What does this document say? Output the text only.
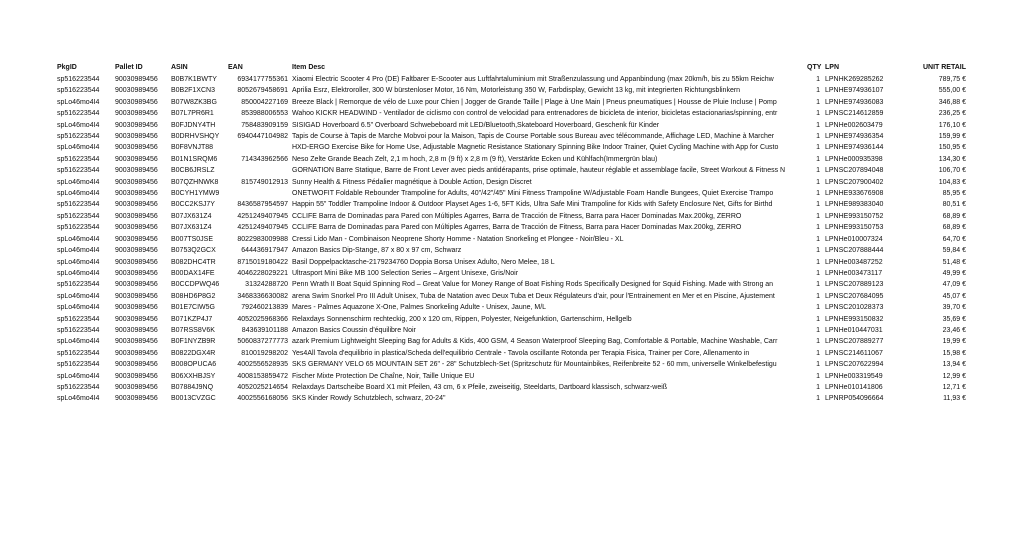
PkgID	Pallet ID	ASIN	EAN	Item Desc	QTY	LPN	UNIT RETAIL
sp516223544	90030989456	B0B7K1BWTY	6934177755361	Xiaomi Electric Scooter 4 Pro (DE) Faltbarer E-Scooter aus Luftfahrtaluminium mit Straßenzulassung und Appanbindung (max 20km/h, bis zu 55km Reichw	1	LPNHK269285262	789,75 €
sp516223544	90030989456	B0B2F1XCN3	8052679458691	Aprilia Esrz, Elektroroller, 300 W bürstenloser Motor, 16 Nm, Motorleistung 350 W, Farbdisplay, Gewicht 13 kg, mit integrierten Richtungsblinkern	1	LPNHE974936107	555,00 €
spLo46mo4I4	90030989456	B07W8ZK3BG	850004227169	Breeze Black | Remorque de vélo de Luxe pour Chien | Jogger de Grande Taille | Plage à Une Main | Pneus pneumatiques | Housse de Pluie Incluse | Pomp	1	LPNHE974936083	346,88 €
sp516223544	90030989456	B07L7PR6R1	853988006553	Wahoo KICKR HEADWIND - Ventilador de ciclismo con control de velocidad para entrenadores de bicicleta de interior, bicicletas estacionarias/spinning, entr	1	LPNSC214612859	236,25 €
spLo46mo4I4	90030989456	B0FJDNY4TH	758483909159	SISIGAD Hoverboard 6.5" Overboard Schwebeboard mit LED/Bluetooth,Skateboard Hoverboard, Geschenk für Kinder	1	LPNHe002603479	176,10 €
sp516223544	90030989456	B0DRHVSHQY	6940447104982	Tapis de Course à Tapis de Marche Mobvoi pour la Maison, Tapis de Course Portable sous Bureau avec télécommande, Affichage LED, Machine à Marcher	1	LPNHE974936354	159,99 €
spLo46mo4I4	90030989456	B0F8VNJT88		HXD-ERGO Exercise Bike for Home Use, Adjustable Magnetic Resistance Stationary Spinning Bike Indoor Trainer, Quiet Cycling Machine with App for Custo	1	LPNHE974936144	150,95 €
sp516223544	90030989456	B01N1SRQM6	714343962566	Neso Zelte Grande Beach Zelt, 2,1 m hoch, 2,8 m (9 ft) x 2,8 m (9 ft), Verstärkte Ecken und Kühlfach(Immergrün blau)	1	LPNHe000935398	134,30 €
sp516223544	90030989456	B0CB6JRSLZ		GORNATION Barre Statique, Barre de Front Lever avec pieds antidérapants, prise optimale, hauteur réglable et assemblage facile, Street Workout & Fitness N	1	LPNSC207894048	106,70 €
spLo46mo4I4	90030989456	B07QZHNWK8	815749012913	Sunny Health & Fitness Pédalier magnétique à Double Action, Design Discret	1	LPNSC207900402	104,83 €
spLo46mo4I4	90030989456	B0CYH1YMW9		ONETWOFIT Foldable Rebounder Trampoline for Adults, 40"/42"/45" Mini Fitness Trampoline W/Adjustable Foam Handle Bungees, Quiet Exercise Trampo	1	LPNHE933676908	85,95 €
sp516223544	90030989456	B0CC2KSJ7Y	8436587954597	Happin 55" Toddler Trampoline Indoor & Outdoor Playset Ages 1-6, 5FT Kids, Ultra Safe Mini Trampoline for Kids with Safety Enclosure Net, Gifts for Birthd	1	LPNHE989383040	80,51 €
sp516223544	90030989456	B07JX631Z4	4251249407945	CCLIFE Barra de Dominadas para Pared con Múltiples Agarres, Barra de Tracción de Fitness, Barra para Hacer Dominadas Max.200kg, ZERRO	1	LPNHE993150752	68,89 €
sp516223544	90030989456	B07JX631Z4	4251249407945	CCLIFE Barra de Dominadas para Pared con Múltiples Agarres, Barra de Tracción de Fitness, Barra para Hacer Dominadas Max.200kg, ZERRO	1	LPNHE993150753	68,89 €
spLo46mo4I4	90030989456	B007TS0JSE	8022983009988	Cressi Lido Man - Combinaison Neoprene Shorty Homme - Natation Snorkeling et Plongee - Noir/Bleu - XL	1	LPNHe010007324	64,70 €
spLo46mo4I4	90030989456	B0753Q2GCX	644436917947	Amazon Basics Dip-Stange, 87 x 80 x 97 cm, Schwarz	1	LPNSC207888444	59,84 €
spLo46mo4I4	90030989456	B082DHC4TR	8715019180422	Basil Doppelpacktasche-2179234760 Doppia Borsa Unisex Adulto, Nero Melee, 18 L	1	LPNHe003487252	51,48 €
spLo46mo4I4	90030989456	B00DAX14FE	4046228029221	Ultrasport Mini Bike MB 100 Selection Series – Argent Unisexe, Gris/Noir	1	LPNHe003473117	49,99 €
sp516223544	90030989456	B0CCDPWQ46	31324288720	Penn Wrath II Boat Squid Spinning Rod – Great Value for Money Range of Boat Fishing Rods Specifically Designed for Squid Fishing. Made with Strong an	1	LPNSC207889123	47,09 €
spLo46mo4I4	90030989456	B08HD6P8G2	3468336630082	arena Swim Snorkel Pro III Adult Unisex, Tuba de Natation avec Deux Tuba et Deux Régulateurs d'air, pour l'Entrainement en Mer et en Piscine, Ajustement	1	LPNSC207684095	45,07 €
spLo46mo4I4	90030989456	B01E7CIW5G	792460213839	Mares - Palmes Aquazone X-One, Palmes Snorkeling Adulte - Unisex, Jaune, M/L	1	LPNSC201028373	39,70 €
sp516223544	90030989456	B071KZP4J7	4052025968366	Relaxdays Sonnenschirm rechteckig, 200 x 120 cm, Rippen, Polyester, Neigefunktion, Gartenschirm, Hellgelb	1	LPNHE993150832	35,69 €
sp516223544	90030989456	B07RSS8V6K	843639101188	Amazon Basics Coussin d'équilibre Noir	1	LPNHe010447031	23,46 €
spLo46mo4I4	90030989456	B0F1NYZB9R	5060837277773	azark Premium Lightweight Sleeping Bag for Adults & Kids, 400 GSM, 4 Season Waterproof Sleeping Bag, Comfortable & Portable, Machine Washable, Carr	1	LPNSC207889277	19,99 €
sp516223544	90030989456	B0822DGX4R	810019298202	Yes4All Tavola d'equilibrio in plastica/Scheda dell'equilibrio Centrale - Tavola oscillante Rotonda per Terapia Fisica, Trainer per Core, Allenamento in	1	LPNSC214611067	15,98 €
sp516223544	90030989456	B008OPUCA6	4002556528935	SKS GERMANY VELO 65 MOUNTAIN SET 26" - 28" Schutzblech-Set (Spritzschutz für Mountainbikes, Reifenbreite 52 - 60 mm, universelle Winkelbefestigu	1	LPNSC207622994	13,94 €
spLo46mo4I4	90030989456	B06XXHBJSY	4008153859472	Fischer Mixte Protection De Chaîne, Noir, Taille Unique EU	1	LPNHe003319549	12,99 €
sp516223544	90030989456	B07884J9NQ	4052025214654	Relaxdays Dartscheibe Board X1 mit Pfeilen, 43 cm, 6 x Pfeile, zweiseitig, Steeldarts, Dartboard klassisch, schwarz-weiß	1	LPNHe010141806	12,71 €
spLo46mo4I4	90030989456	B0013CVZGC	4002556168056	SKS Kinder Rowdy Schutzblech, schwarz, 20-24"	1	LPNRP054096664	11,93 €
